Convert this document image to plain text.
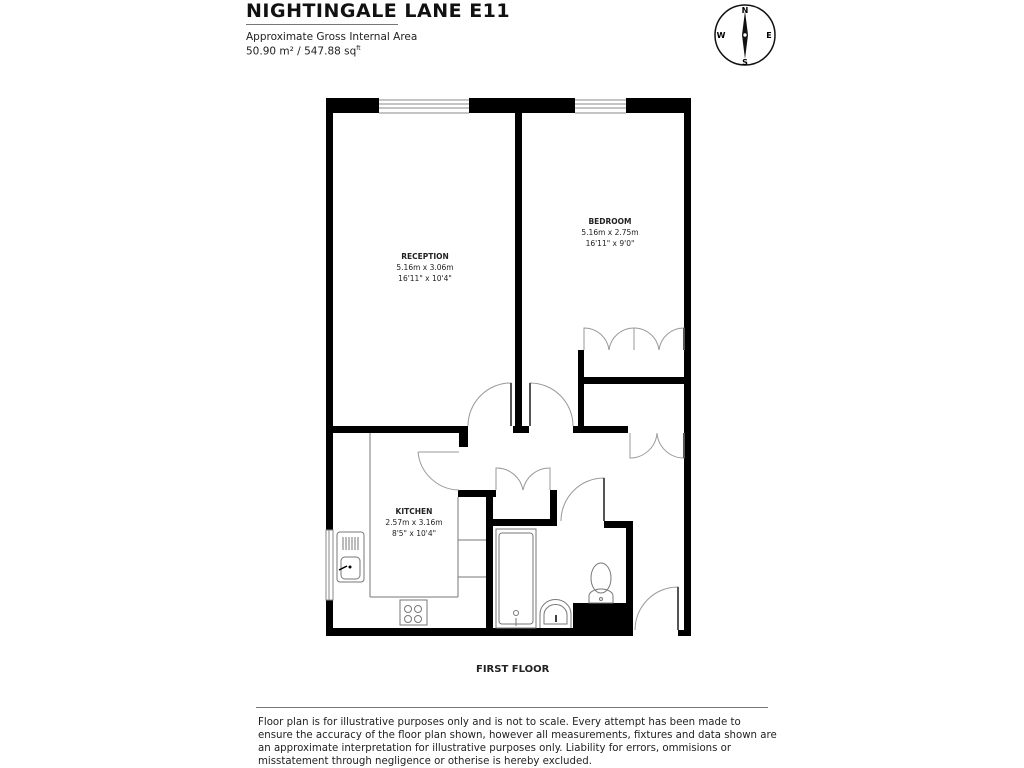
NIGHTINGALE LANE E11
Approximate Gross Internal Area
50.90 m² / 547.88 $sq^{ft}$
N
E
S
W
RECEPTION
5.16m x 3.06m
16'11" x 10'4"
BEDROOM
5.16m x 2.75m
16'11" x 9'0"
KITCHEN
2.57m x 3.16m
8'5" x 10'4"
FIRST FLOOR
Floor plan is for illustrative purposes only and is not to scale. Every attempt has been made to ensure the accuracy of the floor plan shown, however all measurements, fixtures and data shown are an approximate interpretation for illustrative purposes only. Liability for errors, ommisions or misstatement through negligence or otherise is hereby excluded.
